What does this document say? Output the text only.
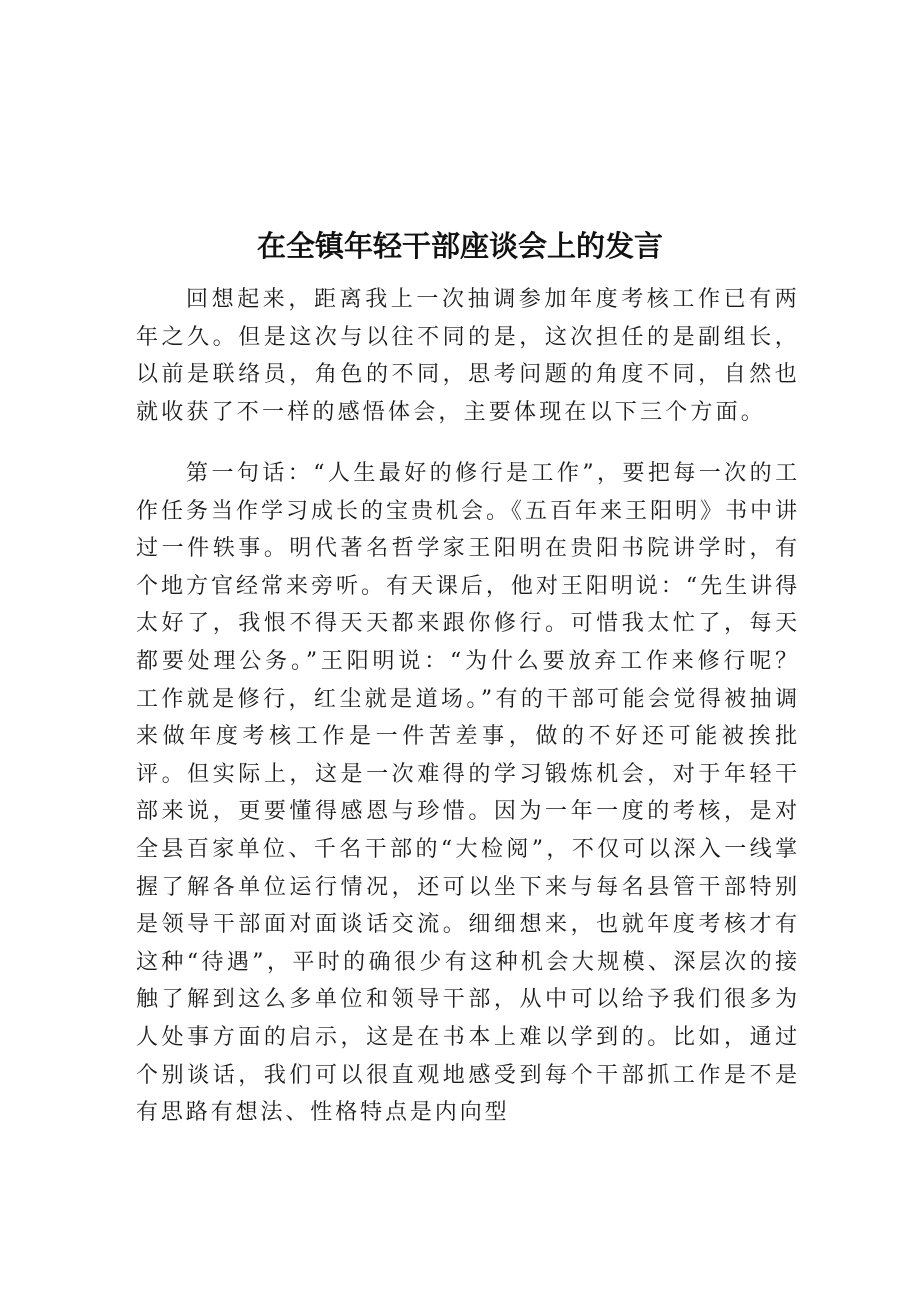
在全镇年轻干部座谈会上的发言

回想起来，距离我上一次抽调参加年度考核工作已有两年之久。但是这次与以往不同的是，这次担任的是副组长，以前是联络员，角色的不同，思考问题的角度不同，自然也就收获了不一样的感悟体会，主要体现在以下三个方面。

第一句话：“人生最好的修行是工作”，要把每一次的工作任务当作学习成长的宝贵机会。《五百年来王阳明》书中讲过一件轶事。明代著名哲学家王阳明在贵阳书院讲学时，有个地方官经常来旁听。有天课后，他对王阳明说：“先生讲得太好了，我恨不得天天都来跟你修行。可惜我太忙了，每天都要处理公务。”王阳明说：“为什么要放弃工作来修行呢？工作就是修行，红尘就是道场。”有的干部可能会觉得被抽调来做年度考核工作是一件苦差事，做的不好还可能被挨批评。但实际上，这是一次难得的学习锻炼机会，对于年轻干部来说，更要懂得感恩与珍惜。因为一年一度的考核，是对全县百家单位、千名干部的“大检阅”，不仅可以深入一线掌握了解各单位运行情况，还可以坐下来与每名县管干部特别是领导干部面对面谈话交流。细细想来，也就年度考核才有这种“待遇”，平时的确很少有这种机会大规模、深层次的接触了解到这么多单位和领导干部，从中可以给予我们很多为人处事方面的启示，这是在书本上难以学到的。比如，通过个别谈话，我们可以很直观地感受到每个干部抓工作是不是有思路有想法、性格特点是内向型
